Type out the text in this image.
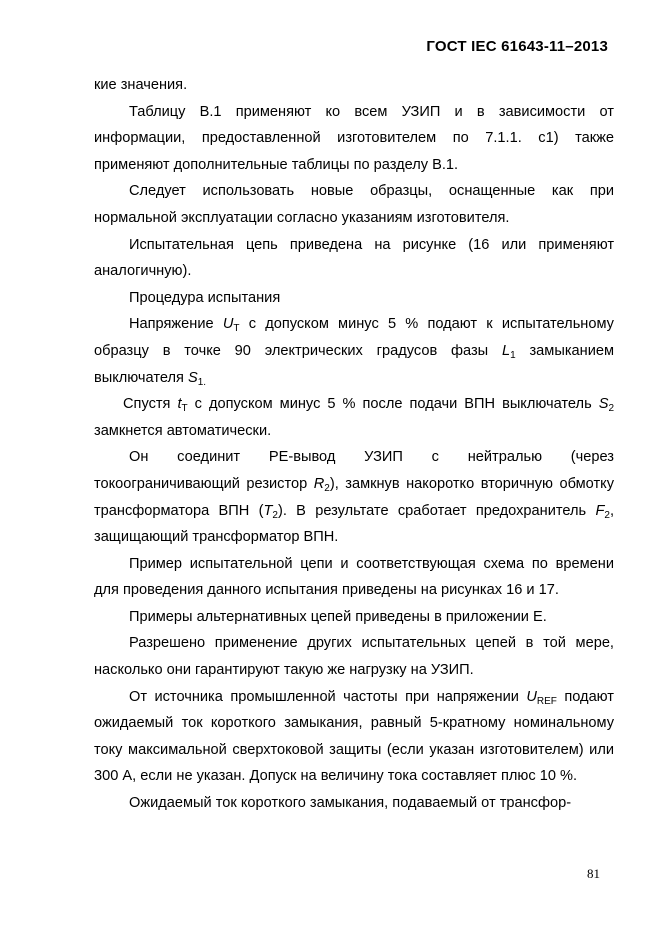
ГОСТ IEC 61643-11–2013

кие значения.

Таблицу В.1 применяют ко всем УЗИП и в зависимости от информации, предоставленной изготовителем по 7.1.1. с1) также применяют дополнительные таблицы по разделу В.1.

Следует использовать новые образцы, оснащенные как при нормальной эксплуатации согласно указаниям изготовителя.

Испытательная цепь приведена на рисунке (16 или применяют аналогичную).

Процедура испытания

Напряжение $U_T$ с допуском минус 5 % подают к испытательному образцу в точке 90 электрических градусов фазы $L_1$ замыканием выключателя $S_{1.}$

Спустя $t_T$ с допуском минус 5 % после подачи ВПН выключатель $S_2$ замкнется автоматически.

Он соединит PE-вывод УЗИП с нейтралью (через токоограничивающий резистор $R_2$), замкнув накоротко вторичную обмотку трансформатора ВПН $(T_2)$. В результате сработает предохранитель $F_2$, защищающий трансформатор ВПН.

Пример испытательной цепи и соответствующая схема по времени для проведения данного испытания приведены на рисунках 16 и 17.

Примеры альтернативных цепей приведены в приложении Е.

Разрешено применение других испытательных цепей в той мере, насколько они гарантируют такую же нагрузку на УЗИП.

От источника промышленной частоты при напряжении $U_{REF}$ подают ожидаемый ток короткого замыкания, равный 5-кратному номинальному току максимальной сверхтоковой защиты (если указан изготовителем) или 300 А, если не указан. Допуск на величину тока составляет плюс 10 %.

Ожидаемый ток короткого замыкания, подаваемый от трансфор-

81
